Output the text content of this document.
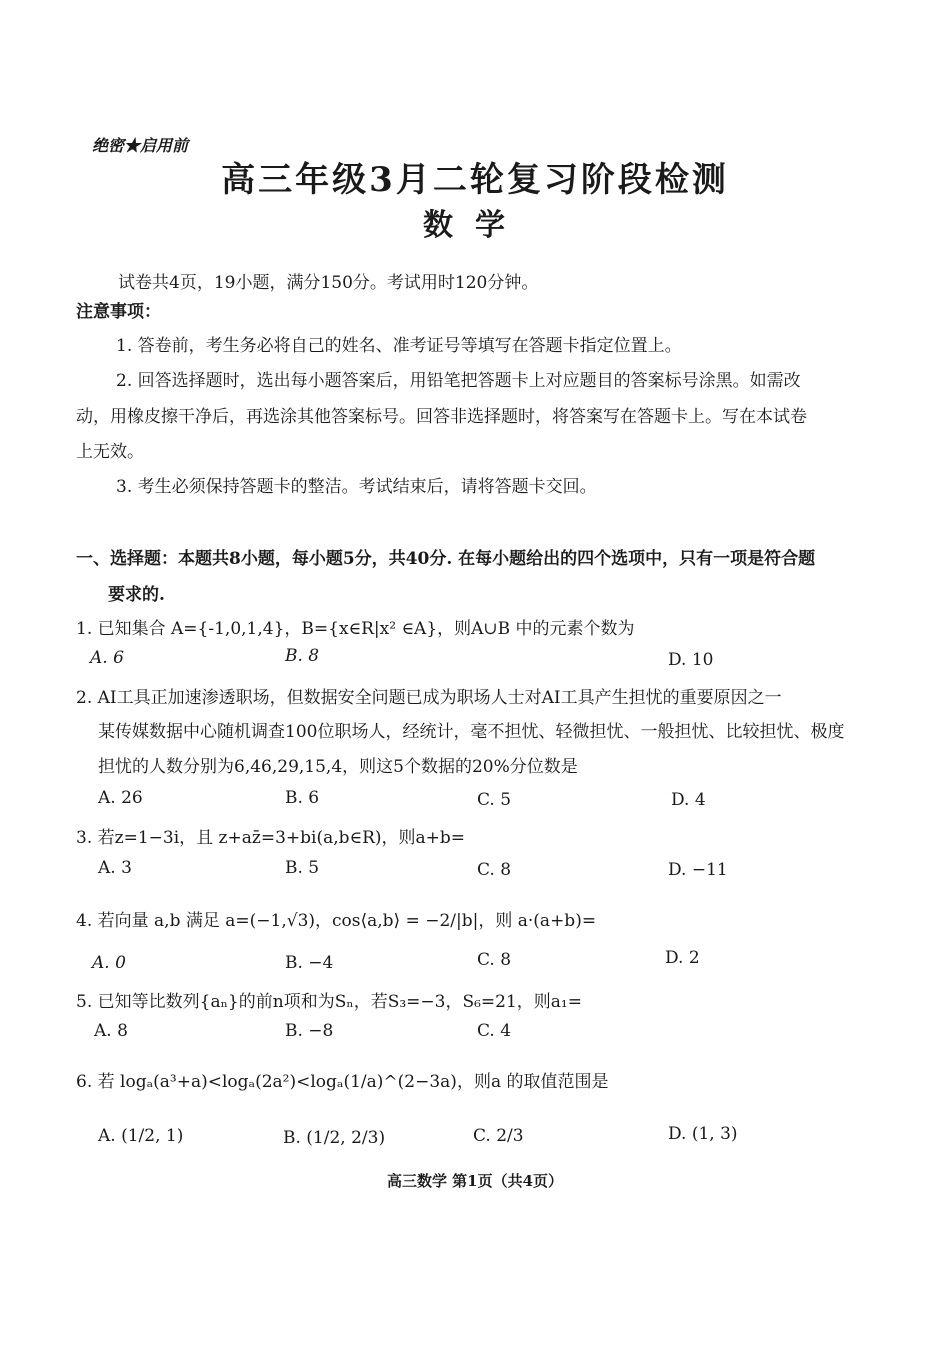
绝密★启用前
高三年级3月二轮复习阶段检测
数学
试卷共4页，19小题，满分150分。考试用时120分钟。
注意事项：
1. 答卷前，考生务必将自己的姓名、准考证号等填写在答题卡指定位置上。
2. 回答选择题时，选出每小题答案后，用铅笔把答题卡上对应题目的答案标号涂黑。如需改
动，用橡皮擦干净后，再选涂其他答案标号。回答非选择题时，将答案写在答题卡上。写在本试卷
上无效。
3. 考生必须保持答题卡的整洁。考试结束后，请将答题卡交回。
一、选择题：本题共8小题，每小题5分，共40分. 在每小题给出的四个选项中，只有一项是符合题
要求的.
1. 已知集合 A={-1,0,1,4}，B={x∈R|x² ∈A}，则A∪B 中的元素个数为
A. 6	B. 8	D. 10
2. AI工具正加速渗透职场，但数据安全问题已成为职场人士对AI工具产生担忧的重要原因之一
某传媒数据中心随机调查100位职场人，经统计，毫不担忧、轻微担忧、一般担忧、比较担忧、极度
担忧的人数分别为6,46,29,15,4，则这5个数据的20%分位数是
A. 26	B. 6	C. 5	D. 4
3. 若z=1−3i，且 z+az̄=3+bi(a,b∈R)，则a+b=
A. 3	B. 5	C. 8	D. −11
4. 若向量 a,b 满足 a=(−1,√3)，cos⟨a,b⟩ = −2/|b|，则 a·(a+b)=
A. 0	B. −4	C. 8	D. 2
5. 已知等比数列{aₙ}的前n项和为Sₙ，若S₃=−3，S₆=21，则a₁=
A. 8	B. −8	C. 4
6. 若 logₐ(a³+a)<logₐ(2a²)<logₐ(1/a)^(2−3a)，则a 的取值范围是
A. (1/2, 1)	B. (1/2, 2/3)	C. 2/3	D. (1, 3)
高三数学 第1页（共4页）
